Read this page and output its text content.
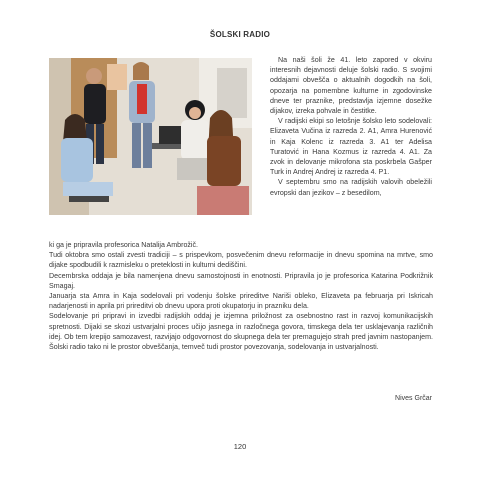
ŠOLSKI RADIO

Na naši šoli že 41. leto zapored v okviru interesnih dejavnosti deluje šolski radio. S svojimi oddajami obvešča o aktualnih dogodkih na šoli, opozarja na pomembne kulturne in zgodovinske dneve ter praznike, predstavlja izjemne dosežke dijakov, izreka pohvale in čestitke.

V radijski ekipi so letošnje šolsko leto sodelovali: Elizaveta Vučina iz razreda 2. A1, Amra Hurenović in Kaja Kolenc iz razreda 3. A1 ter Adelisa Turatović in Hana Kozmus iz razreda 4. A1. Za zvok in delovanje mikrofona sta poskrbela Gašper Turk in Andrej Andrej iz razreda 4. P1.

V septembru smo na radijskih valovih obeležili evropski dan jezikov – z besedilom,

ki ga je pripravila profesorica Natalija Ambrožič.

Tudi oktobra smo ostali zvesti tradiciji – s prispevkom, posvečenim dnevu reformacije in dnevu spomina na mrtve, smo dijake spodbudili k razmisleku o preteklosti in kulturni dediščini.

Decembrska oddaja je bila namenjena dnevu samostojnosti in enotnosti. Pripravila jo je profesorica Katarina Podkrižnik Smagaj.

Januarja sta Amra in Kaja sodelovali pri vodenju šolske prireditve Nariši obleko, Elizaveta pa februarja pri Iskricah nadarjenosti in aprila pri prireditvi ob dnevu upora proti okupatorju in prazniku dela.

Sodelovanje pri pripravi in izvedbi radijskih oddaj je izjemna priložnost za osebnostno rast in razvoj komunikacijskih spretnosti. Dijaki se skozi ustvarjalni proces učijo jasnega in razločnega govora, timskega dela ter usklajevanja različnih idej. Ob tem krepijo samozavest, razvijajo odgovornost do skupnega dela ter premagujejo strah pred javnim nastopanjem. Šolski radio tako ni le prostor obveščanja, temveč tudi prostor povezovanja, sodelovanja in ustvarjalnosti.

Nives Grčar
120
